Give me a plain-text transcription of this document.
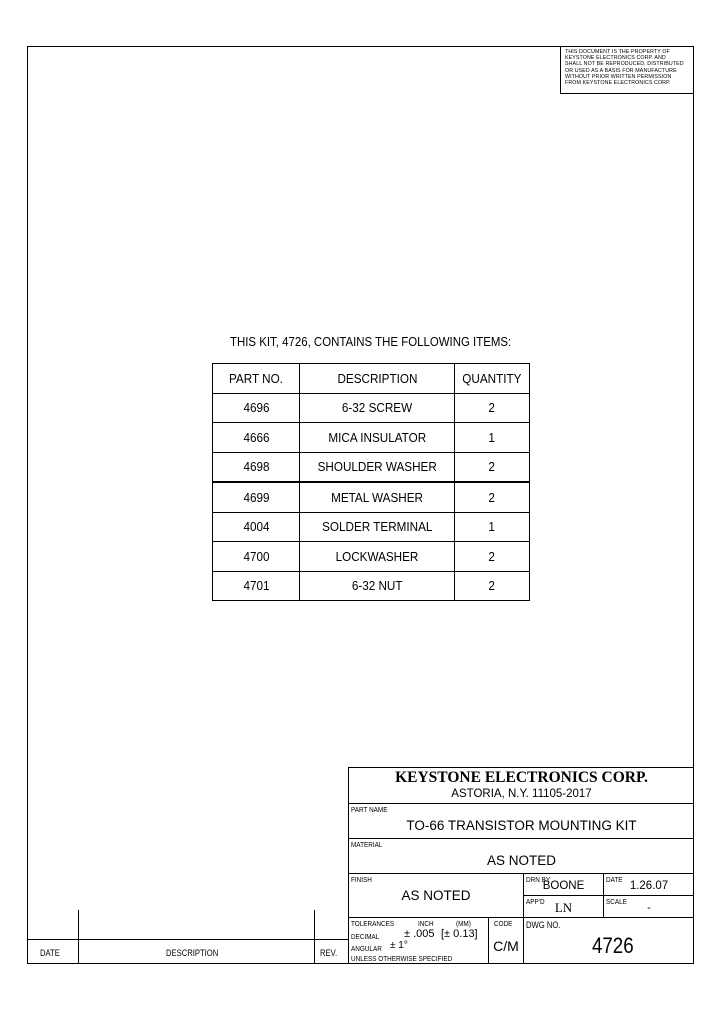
THIS DOCUMENT IS THE PROPERTY OF
KEYSTONE ELECTRONICS CORP. AND
SHALL NOT BE REPRODUCED, DISTRIBUTED
OR USED AS A BASIS FOR MANUFACTURE
WITHOUT PRIOR WRITTEN PERMISSION
FROM KEYSTONE ELECTRONICS CORP.
THIS KIT, 4726, CONTAINS THE FOLLOWING ITEMS:
PART NO.	DESCRIPTION	QUANTITY
4696	6-32 SCREW	2
4666	MICA INSULATOR	1
4698	SHOULDER WASHER	2
4699	METAL WASHER	2
4004	SOLDER TERMINAL	1
4700	LOCKWASHER	2
4701	6-32 NUT	2
KEYSTONE ELECTRONICS CORP.
ASTORIA, N.Y. 11105-2017
PART NAME
TO-66 TRANSISTOR MOUNTING KIT
MATERIAL
AS NOTED
FINISH
AS NOTED
DRN BY
BOONE
DATE
1.26.07
APP'D LN	SCALE
-
TOLERANCES	INCH	(MM)	CODE
DECIMAL ± .005 [± 0.13]
ANGULAR ± 1°
UNLESS OTHERWISE SPECIFIED
C/M
DWG NO.
4726
DATE	DESCRIPTION	REV.
